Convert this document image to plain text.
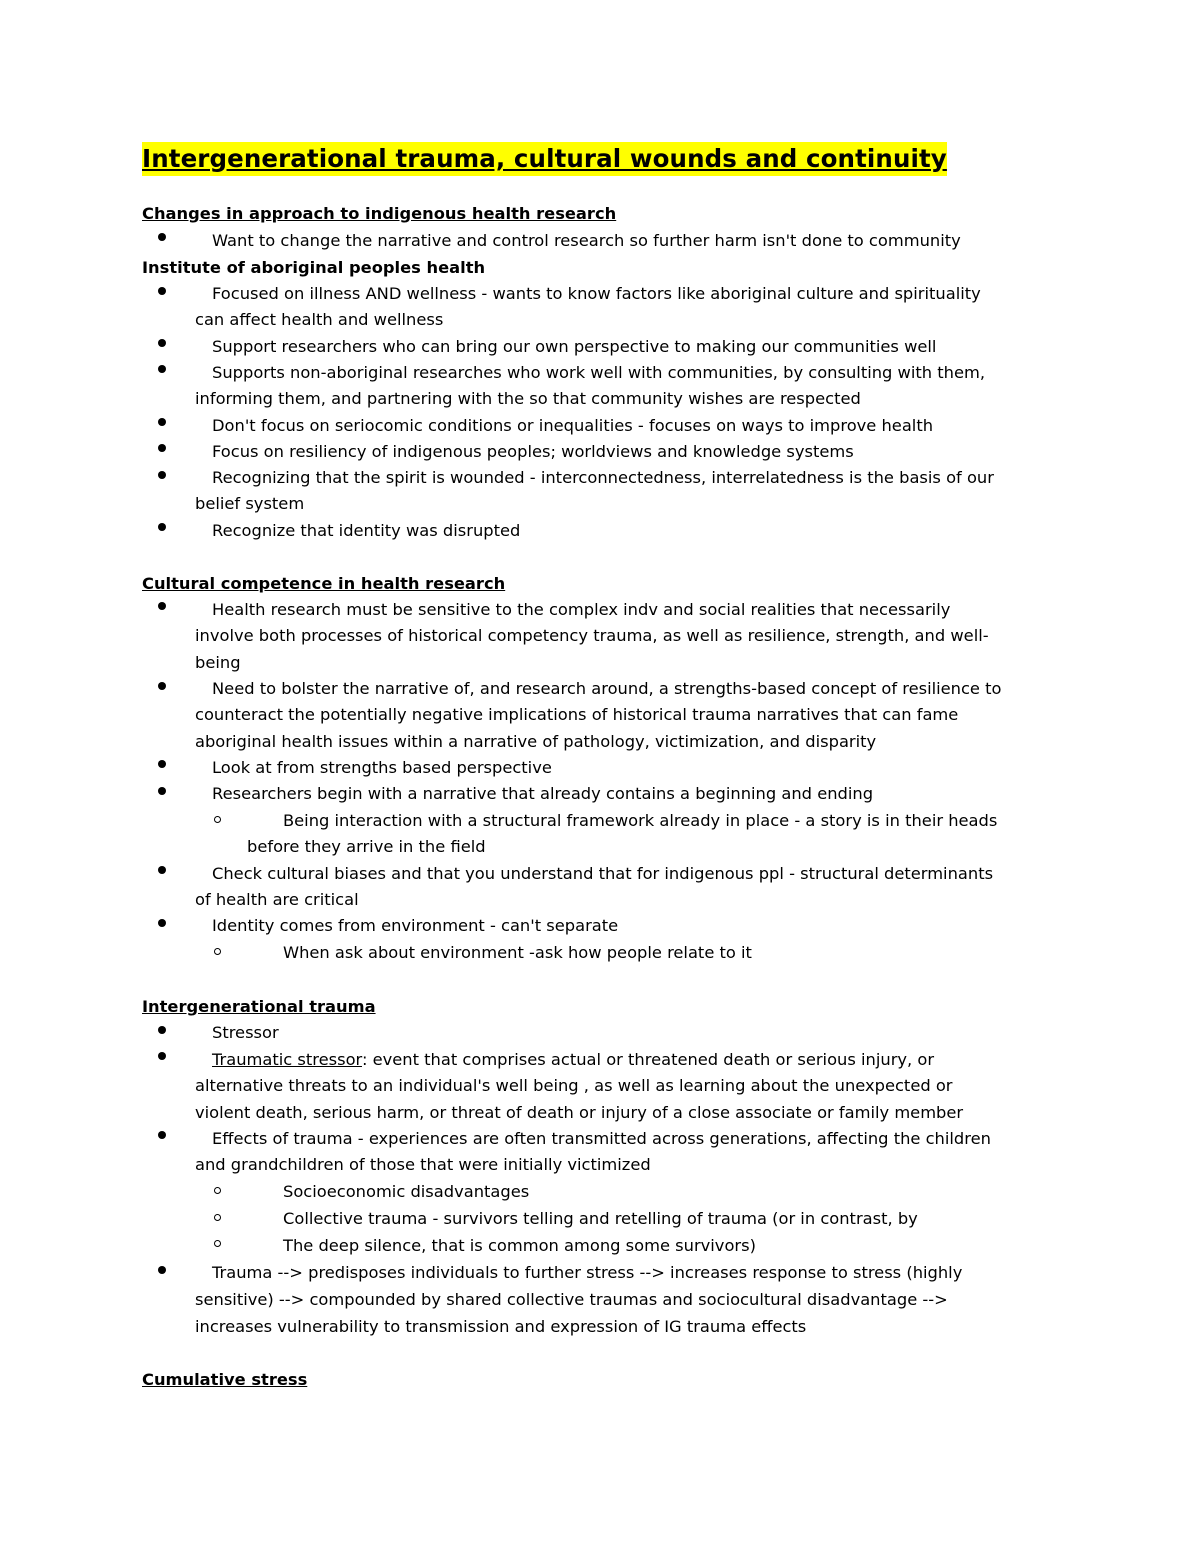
Intergenerational trauma, cultural wounds and continuity
Changes in approach to indigenous health research
Want to change the narrative and control research so further harm isn't done to community
Institute of aboriginal peoples health
Focused on illness AND wellness - wants to know factors like aboriginal culture and spirituality
can affect health and wellness
Support researchers who can bring our own perspective to making our communities well
Supports non-aboriginal researches who work well with communities, by consulting with them,
informing them, and partnering with the so that community wishes are respected
Don't focus on seriocomic conditions or inequalities - focuses on ways to improve health
Focus on resiliency of indigenous peoples; worldviews and knowledge systems
Recognizing that the spirit is wounded - interconnectedness, interrelatedness is the basis of our
belief system
Recognize that identity was disrupted
Cultural competence in health research
Health research must be sensitive to the complex indv and social realities that necessarily
involve both processes of historical competency trauma, as well as resilience, strength, and well-
being
Need to bolster the narrative of, and research around, a strengths-based concept of resilience to
counteract the potentially negative implications of historical trauma narratives that can fame
aboriginal health issues within a narrative of pathology, victimization, and disparity
Look at from strengths based perspective
Researchers begin with a narrative that already contains a beginning and ending
Being interaction with a structural framework already in place - a story is in their heads
before they arrive in the field
Check cultural biases and that you understand that for indigenous ppl - structural determinants
of health are critical
Identity comes from environment - can't separate
When ask about environment -ask how people relate to it
Intergenerational trauma
Stressor
Traumatic stressor: event that comprises actual or threatened death or serious injury, or
alternative threats to an individual's well being , as well as learning about the unexpected or
violent death, serious harm, or threat of death or injury of a close associate or family member
Effects of trauma - experiences are often transmitted across generations, affecting the children
and grandchildren of those that were initially victimized
Socioeconomic disadvantages
Collective trauma - survivors telling and retelling of trauma (or in contrast, by
The deep silence, that is common among some survivors)
Trauma --> predisposes individuals to further stress --> increases response to stress (highly
sensitive) --> compounded by shared collective traumas and sociocultural disadvantage -->
increases vulnerability to transmission and expression of IG trauma effects
Cumulative stress
